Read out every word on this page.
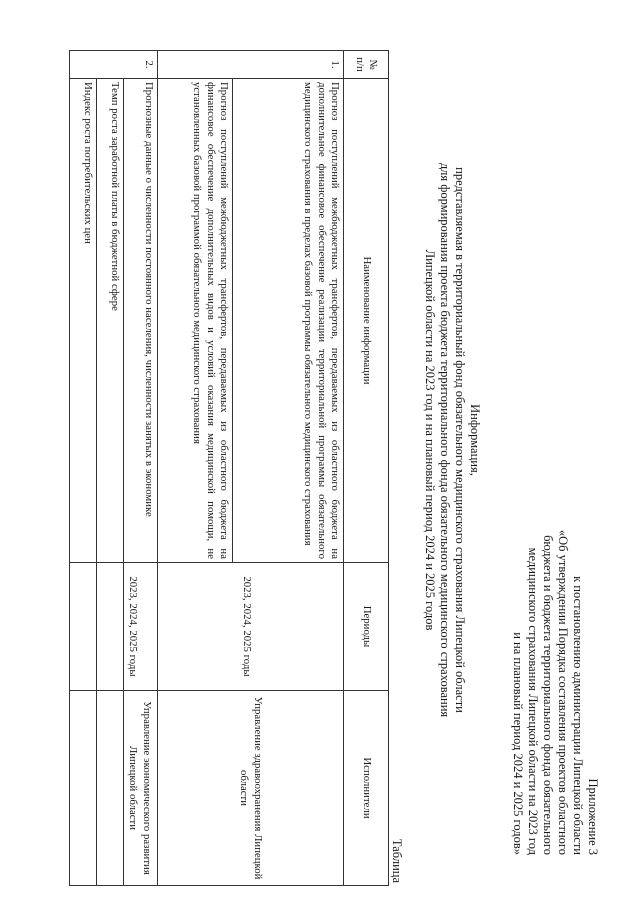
Приложение 3
к постановлению администрации Липецкой области
«Об утверждении Порядка составления проектов областного
бюджета и бюджета территориального фонда обязательного
медицинского страхования Липецкой области на 2023 год
и на плановый период 2024 и 2025 годов»
Информация,
представляемая в территориальный фонд обязательного медицинского страхования Липецкой области
для формирования проекта бюджета территориального фонда обязательного медицинского страхования
Липецкой области на 2023 год и на плановый период 2024 и 2025 годов
Таблица
№ п/п	Наименование информации	Периоды	Исполнители
1.	Прогноз поступлений межбюджетных трансфертов, передаваемых из областного бюджета на дополнительное финансовое обеспечение реализации территориальной программы обязательного медицинского страхования в пределах базовой программы обязательного медицинского страхования	2023, 2024, 2025 годы	Управление здравоохранения Липецкой области
	Прогноз поступлений межбюджетных трансфертов, передаваемых из областного бюджета на финансовое обеспечение дополнительных видов и условий оказания медицинской помощи, не установленных базовой программой обязательного медицинского страхования		
2.	Прогнозные данные о численности постоянного населения, численности занятых в экономике	2023, 2024, 2025 годы	Управление экономического развития Липецкой области
	Темп роста заработной платы в бюджетной сфере		
	Индекс роста потребительских цен		
